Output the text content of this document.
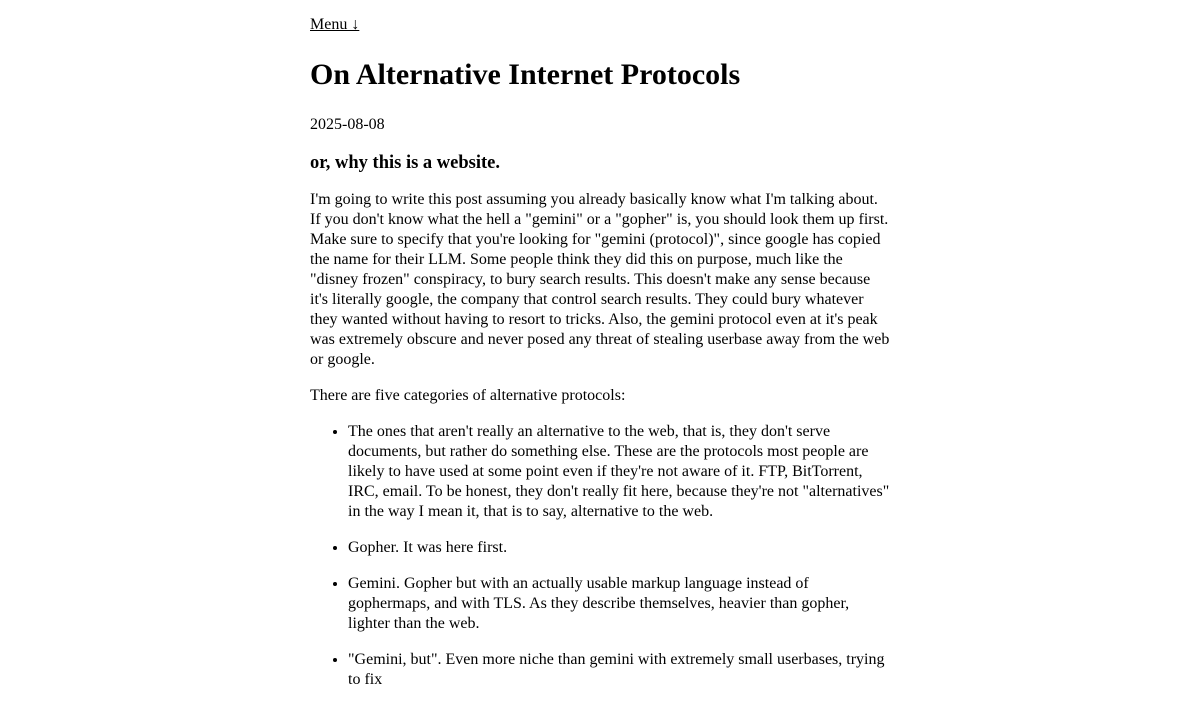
Menu ↓
On Alternative Internet Protocols
2025-08-08
or, why this is a website.

I'm going to write this post assuming you already basically know what I'm talking about. If you don't know what the hell a "gemini" or a "gopher" is, you should look them up first. Make sure to specify that you're looking for "gemini (protocol)", since google has copied the name for their LLM. Some people think they did this on purpose, much like the "disney frozen" conspiracy, to bury search results. This doesn't make any sense because it's literally google, the company that control search results. They could bury whatever they wanted without having to resort to tricks. Also, the gemini protocol even at it's peak was extremely obscure and never posed any threat of stealing userbase away from the web or google.

There are five categories of alternative protocols:

• The ones that aren't really an alternative to the web, that is, they don't serve documents, but rather do something else. These are the protocols most people are likely to have used at some point even if they're not aware of it. FTP, BitTorrent, IRC, email. To be honest, they don't really fit here, because they're not "alternatives" in the way I mean it, that is to say, alternative to the web.
• Gopher. It was here first.
• Gemini. Gopher but with an actually usable markup language instead of gophermaps, and with TLS. As they describe themselves, heavier than gopher, lighter than the web.
• "Gemini, but". Even more niche than gemini with extremely small userbases, trying to fix
